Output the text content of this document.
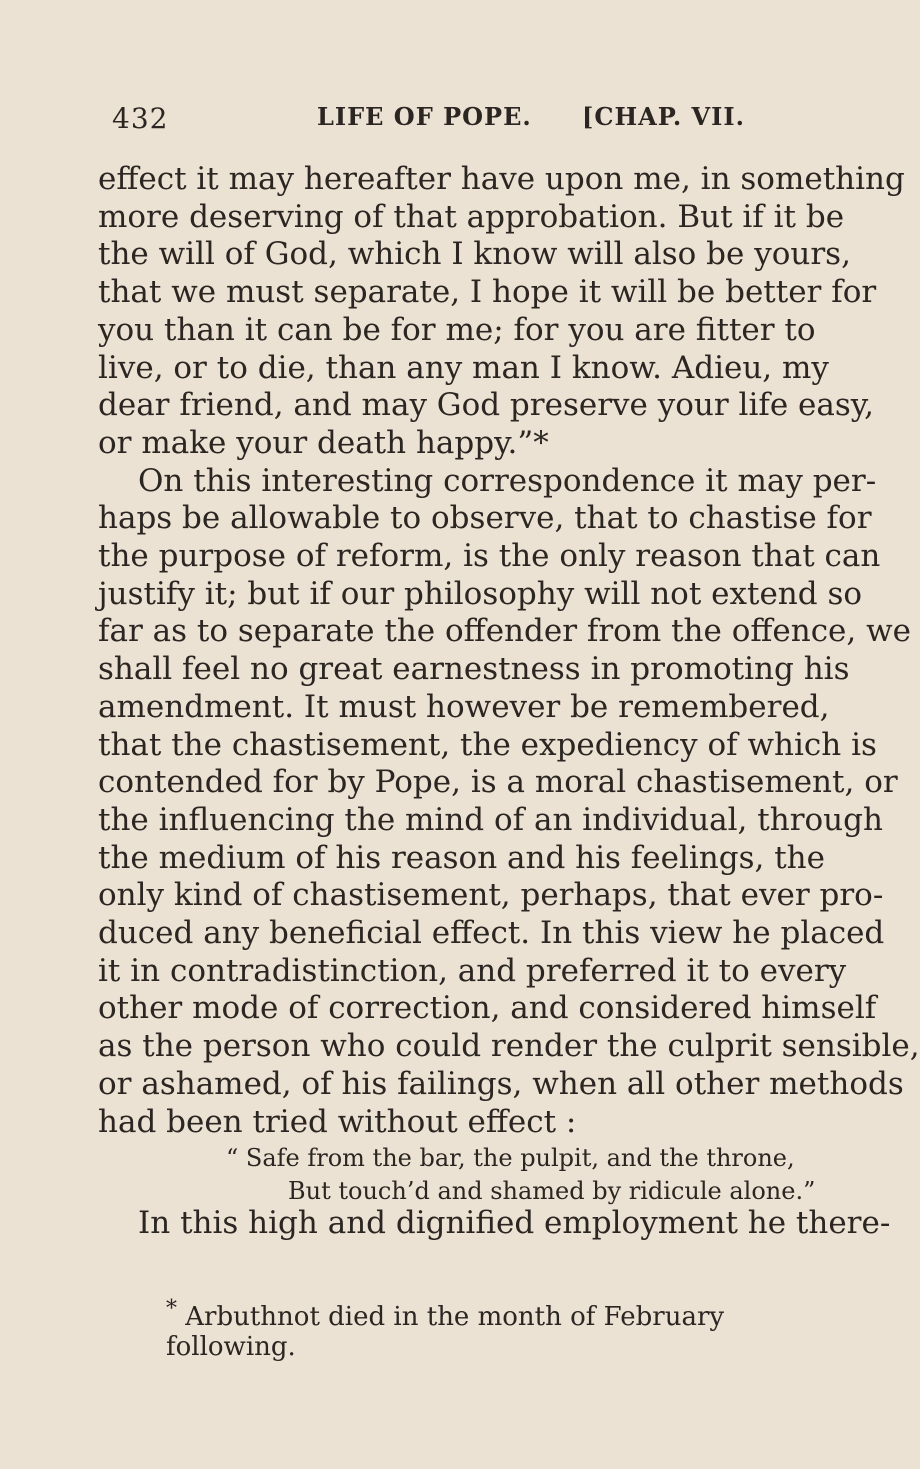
432	LIFE OF POPE. [CHAP. VII.
effect it may hereafter have upon me, in something
more deserving of that approbation. But if it be
the will of God, which I know will also be yours,
that we must separate, I hope it will be better for
you than it can be for me; for you are fitter to
live, or to die, than any man I know. Adieu, my
dear friend, and may God preserve your life easy,
or make your death happy.”*
On this interesting correspondence it may per-
haps be allowable to observe, that to chastise for
the purpose of reform, is the only reason that can
justify it; but if our philosophy will not extend so
far as to separate the offender from the offence, we
shall feel no great earnestness in promoting his
amendment. It must however be remembered,
that the chastisement, the expediency of which is
contended for by Pope, is a moral chastisement, or
the influencing the mind of an individual, through
the medium of his reason and his feelings, the
only kind of chastisement, perhaps, that ever pro-
duced any beneficial effect. In this view he placed
it in contradistinction, and preferred it to every
other mode of correction, and considered himself
as the person who could render the culprit sensible,
or ashamed, of his failings, when all other methods
had been tried without effect :
“ Safe from the bar, the pulpit, and the throne,
But touch’d and shamed by ridicule alone.”
In this high and dignified employment he there-
* Arbuthnot died in the month of February following.
